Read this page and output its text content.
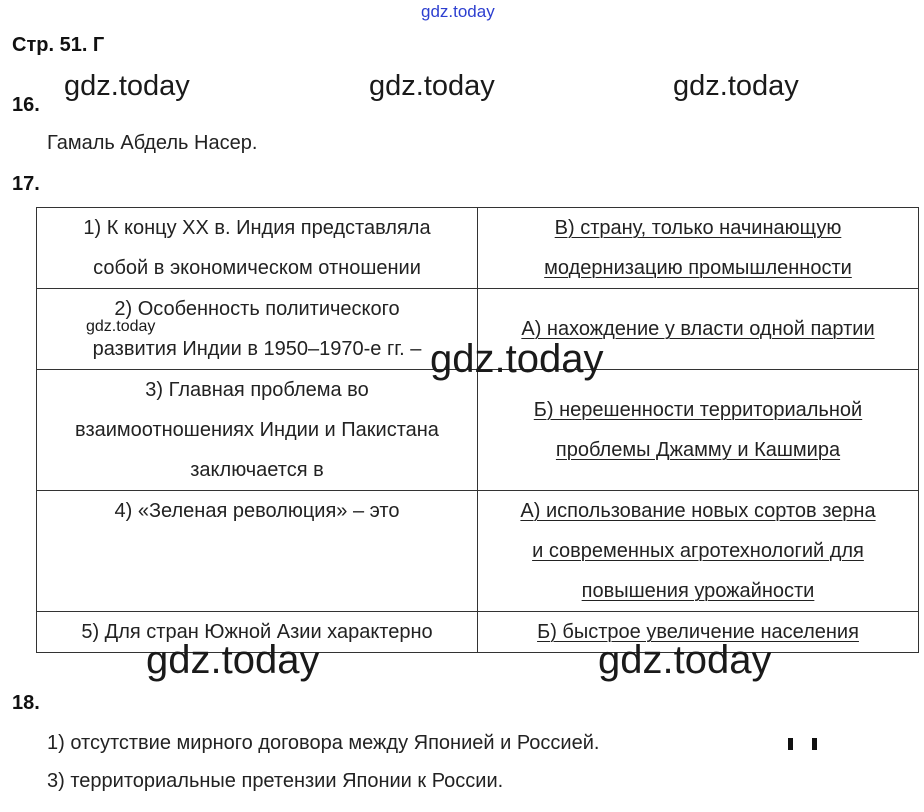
gdz.today
Стр. 51. Г
16.
gdz.today	gdz.today	gdz.today
Гамаль Абдель Насер.
17.
1) К концу XX в. Индия представляла
собой в экономическом отношении	В) страну, только начинающую
модернизацию промышленности

2) Особенность политического
развития Индии в 1950–1970-е гг. –	А) нахождение у власти одной партии

3) Главная проблема во
взаимоотношениях Индии и Пакистана
заключается в	Б) нерешенности территориальной
проблемы Джамму и Кашмира

4) «Зеленая революция» – это	А) использование новых сортов зерна
и современных агротехнологий для
повышения урожайности

5) Для стран Южной Азии характерно	Б) быстрое увеличение населения
gdz.today
gdz.today
gdz.today	gdz.today
18.
1) отсутствие мирного договора между Японией и Россией.
3) территориальные претензии Японии к России.
